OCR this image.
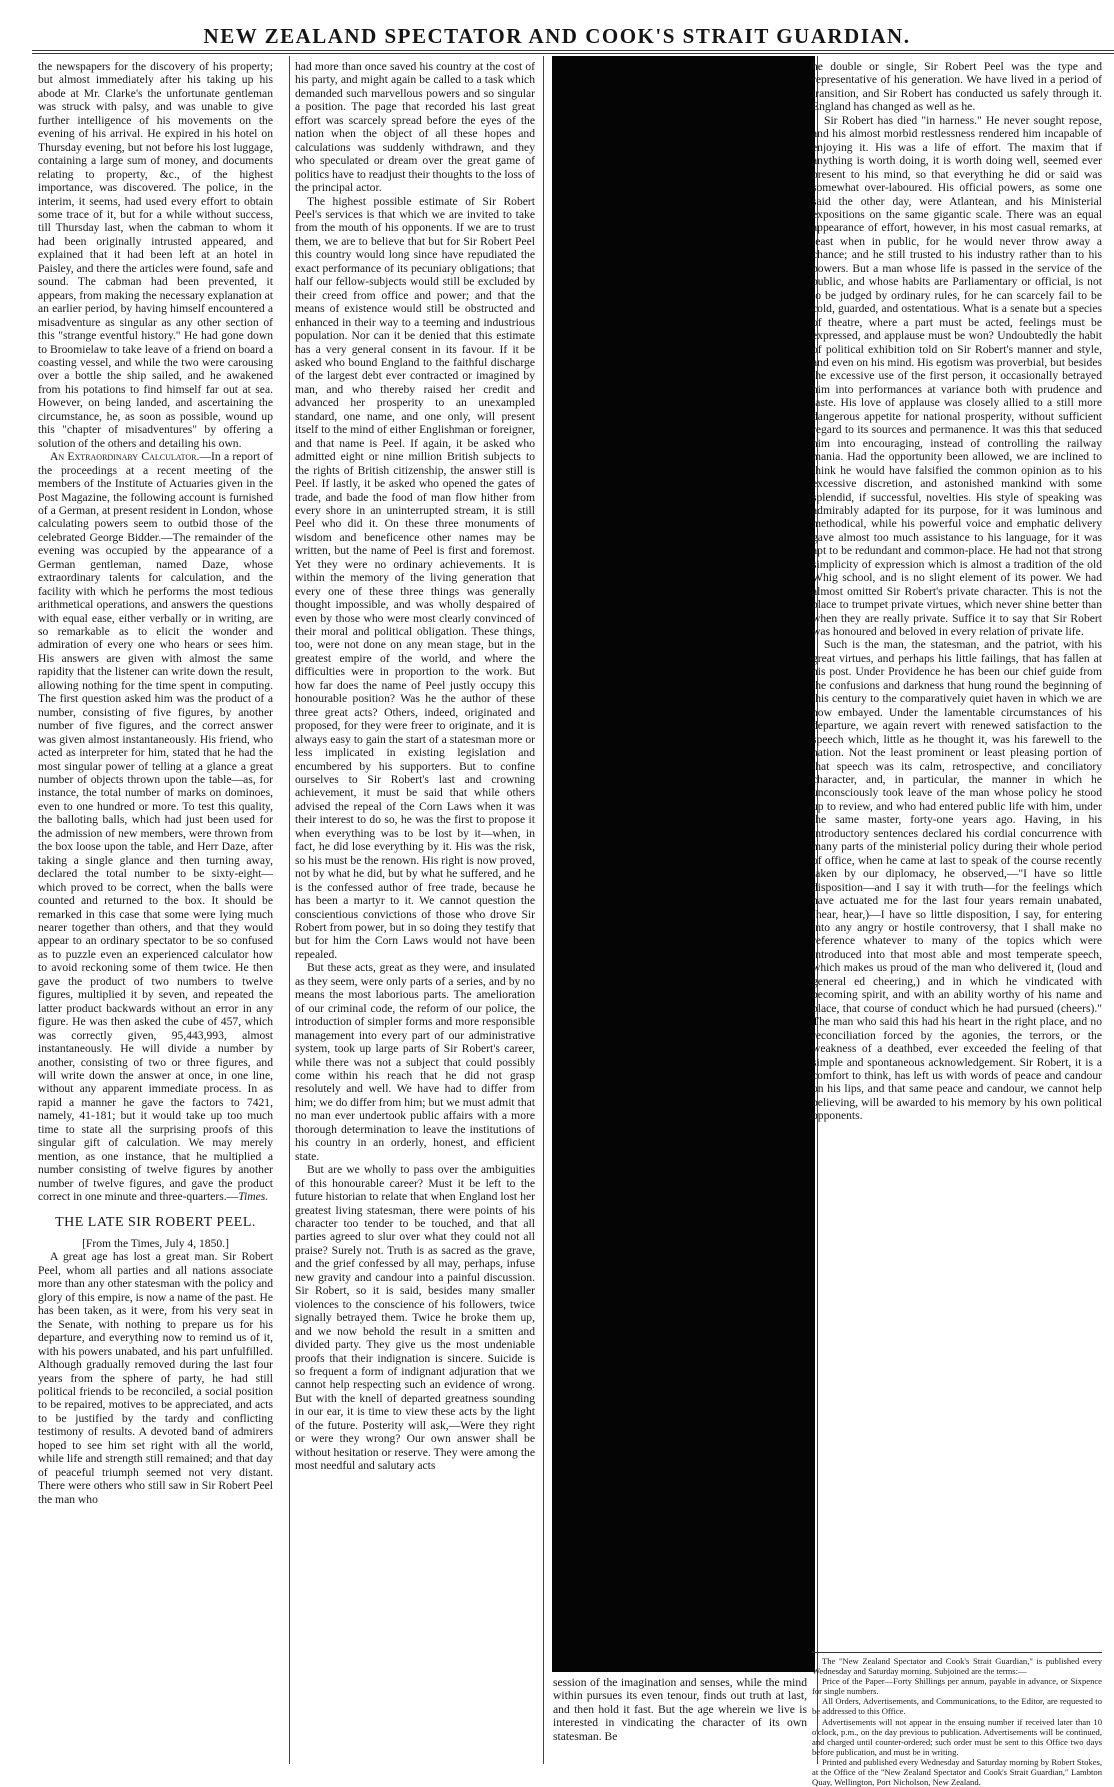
NEW ZEALAND SPECTATOR AND COOK'S STRAIT GUARDIAN.

the newspapers for the discovery of his property; but almost immediately after his taking up his abode at Mr. Clarke's the unfortunate gentleman was struck with palsy, and was unable to give further intelligence of his movements on the evening of his arrival. He expired in his hotel on Thursday evening, but not before his lost luggage, containing a large sum of money, and documents relating to property, &c., of the highest importance, was discovered. The police, in the interim, it seems, had used every effort to obtain some trace of it, but for a while without success, till Thursday last, when the cabman to whom it had been originally intrusted appeared, and explained that it had been left at an hotel in Paisley, and there the articles were found, safe and sound. The cabman had been prevented, it appears, from making the necessary explanation at an earlier period, by having himself encountered a misadventure as singular as any other section of this "strange eventful history." He had gone down to Broomielaw to take leave of a friend on board a coasting vessel, and while the two were carousing over a bottle the ship sailed, and he awakened from his potations to find himself far out at sea. However, on being landed, and ascertaining the circumstance, he, as soon as possible, wound up this "chapter of misadventures" by offering a solution of the others and detailing his own.

An Extraordinary Calculator.—In a report of the proceedings at a recent meeting of the members of the Institute of Actuaries given in the Post Magazine, the following account is furnished of a German, at present resident in London, whose calculating powers seem to outbid those of the celebrated George Bidder.—The remainder of the evening was occupied by the appearance of a German gentleman, named Daze, whose extraordinary talents for calculation, and the facility with which he performs the most tedious arithmetical operations, and answers the questions with equal ease, either verbally or in writing, are so remarkable as to elicit the wonder and admiration of every one who hears or sees him. His answers are given with almost the same rapidity that the listener can write down the result, allowing nothing for the time spent in computing. The first question asked him was the product of a number, consisting of five figures, by another number of five figures, and the correct answer was given almost instantaneously. His friend, who acted as interpreter for him, stated that he had the most singular power of telling at a glance a great number of objects thrown upon the table—as, for instance, the total number of marks on dominoes, even to one hundred or more. To test this quality, the balloting balls, which had just been used for the admission of new members, were thrown from the box loose upon the table, and Herr Daze, after taking a single glance and then turning away, declared the total number to be sixty-eight—which proved to be correct, when the balls were counted and returned to the box. It should be remarked in this case that some were lying much nearer together than others, and that they would appear to an ordinary spectator to be so confused as to puzzle even an experienced calculator how to avoid reckoning some of them twice. He then gave the product of two numbers to twelve figures, multiplied it by seven, and repeated the latter product backwards without an error in any figure. He was then asked the cube of 457, which was correctly given, 95,443,993, almost instantaneously. He will divide a number by another, consisting of two or three figures, and will write down the answer at once, in one line, without any apparent immediate process. In as rapid a manner he gave the factors to 7421, namely, 41-181; but it would take up too much time to state all the surprising proofs of this singular gift of calculation. We may merely mention, as one instance, that he multiplied a number consisting of twelve figures by another number of twelve figures, and gave the product correct in one minute and three-quarters.—Times.

THE LATE SIR ROBERT PEEL.

[From the Times, July 4, 1850.]

A great age has lost a great man. Sir Robert Peel, whom all parties and all nations associate more than any other statesman with the policy and glory of this empire, is now a name of the past. He has been taken, as it were, from his very seat in the Senate, with nothing to prepare us for his departure, and everything now to remind us of it, with his powers unabated, and his part unfulfilled. Although gradually removed during the last four years from the sphere of party, he had still political friends to be reconciled, a social position to be repaired, motives to be appreciated, and acts to be justified by the tardy and conflicting testimony of results. A devoted band of admirers hoped to see him set right with all the world, while life and strength still remained; and that day of peaceful triumph seemed not very distant. There were others who still saw in Sir Robert Peel the man who

had more than once saved his country at the cost of his party, and might again be called to a task which demanded such marvellous powers and so singular a position. The page that recorded his last great effort was scarcely spread before the eyes of the nation when the object of all these hopes and calculations was suddenly withdrawn, and they who speculated or dream over the great game of politics have to readjust their thoughts to the loss of the principal actor.

The highest possible estimate of Sir Robert Peel's services is that which we are invited to take from the mouth of his opponents. If we are to trust them, we are to believe that but for Sir Robert Peel this country would long since have repudiated the exact performance of its pecuniary obligations; that half our fellow-subjects would still be excluded by their creed from office and power; and that the means of existence would still be obstructed and enhanced in their way to a teeming and industrious population. Nor can it be denied that this estimate has a very general consent in its favour. If it be asked who bound England to the faithful discharge of the largest debt ever contracted or imagined by man, and who thereby raised her credit and advanced her prosperity to an unexampled standard, one name, and one only, will present itself to the mind of either Englishman or foreigner, and that name is Peel. If again, it be asked who admitted eight or nine million British subjects to the rights of British citizenship, the answer still is Peel. If lastly, it be asked who opened the gates of trade, and bade the food of man flow hither from every shore in an uninterrupted stream, it is still Peel who did it. On these three monuments of wisdom and beneficence other names may be written, but the name of Peel is first and foremost. Yet they were no ordinary achievements. It is within the memory of the living generation that every one of these three things was generally thought impossible, and was wholly despaired of even by those who were most clearly convinced of their moral and political obligation. These things, too, were not done on any mean stage, but in the greatest empire of the world, and where the difficulties were in proportion to the work. But how far does the name of Peel justly occupy this honourable position? Was he the author of these three great acts? Others, indeed, originated and proposed, for they were freer to originate, and it is always easy to gain the start of a statesman more or less implicated in existing legislation and encumbered by his supporters. But to confine ourselves to Sir Robert's last and crowning achievement, it must be said that while others advised the repeal of the Corn Laws when it was their interest to do so, he was the first to propose it when everything was to be lost by it—when, in fact, he did lose everything by it. His was the risk, so his must be the renown. His right is now proved, not by what he did, but by what he suffered, and he is the confessed author of free trade, because he has been a martyr to it. We cannot question the conscientious convictions of those who drove Sir Robert from power, but in so doing they testify that but for him the Corn Laws would not have been repealed.

But these acts, great as they were, and insulated as they seem, were only parts of a series, and by no means the most laborious parts. The amelioration of our criminal code, the reform of our police, the introduction of simpler forms and more responsible management into every part of our administrative system, took up large parts of Sir Robert's career, while there was not a subject that could possibly come within his reach that he did not grasp resolutely and well. We have had to differ from him; we do differ from him; but we must admit that no man ever undertook public affairs with a more thorough determination to leave the institutions of his country in an orderly, honest, and efficient state.

But are we wholly to pass over the ambiguities of this honourable career? Must it be left to the future historian to relate that when England lost her greatest living statesman, there were points of his character too tender to be touched, and that all parties agreed to slur over what they could not all praise? Surely not. Truth is as sacred as the grave, and the grief confessed by all may, perhaps, infuse new gravity and candour into a painful discussion. Sir Robert, so it is said, besides many smaller violences to the conscience of his followers, twice signally betrayed them. Twice he broke them up, and we now behold the result in a smitten and divided party. They give us the most undeniable proofs that their indignation is sincere. Suicide is so frequent a form of indignant adjuration that we cannot help respecting such an evidence of wrong. But with the knell of departed greatness sounding in our ear, it is time to view these acts by the light of the future. Posterity will ask,—Were they right or were they wrong? Our own answer shall be without hesitation or reserve. They were among the most needful and salutary acts

session of the imagination and senses, while the mind within pursues its even tenour, finds out truth at last, and then hold it fast. But the age wherein we live is interested in vindicating the character of its own statesman. Be

he double or single, Sir Robert Peel was the type and representative of his generation. We have lived in a period of transition, and Sir Robert has conducted us safely through it. England has changed as well as he.

Sir Robert has died "in harness." He never sought repose, and his almost morbid restlessness rendered him incapable of enjoying it. His was a life of effort. The maxim that if anything is worth doing, it is worth doing well, seemed ever present to his mind, so that everything he did or said was somewhat over-laboured. His official powers, as some one said the other day, were Atlantean, and his Ministerial expositions on the same gigantic scale. There was an equal appearance of effort, however, in his most casual remarks, at least when in public, for he would never throw away a chance; and he still trusted to his industry rather than to his powers. But a man whose life is passed in the service of the public, and whose habits are Parliamentary or official, is not to be judged by ordinary rules, for he can scarcely fail to be cold, guarded, and ostentatious. What is a senate but a species of theatre, where a part must be acted, feelings must be expressed, and applause must be won? Undoubtedly the habit of political exhibition told on Sir Robert's manner and style, and even on his mind. His egotism was proverbial, but besides the excessive use of the first person, it occasionally betrayed him into performances at variance both with prudence and taste. His love of applause was closely allied to a still more dangerous appetite for national prosperity, without sufficient regard to its sources and permanence. It was this that seduced him into encouraging, instead of controlling the railway mania. Had the opportunity been allowed, we are inclined to think he would have falsified the common opinion as to his excessive discretion, and astonished mankind with some splendid, if successful, novelties. His style of speaking was admirably adapted for its purpose, for it was luminous and methodical, while his powerful voice and emphatic delivery gave almost too much assistance to his language, for it was apt to be redundant and common-place. He had not that strong simplicity of expression which is almost a tradition of the old Whig school, and is no slight element of its power. We had almost omitted Sir Robert's private character. This is not the place to trumpet private virtues, which never shine better than when they are really private. Suffice it to say that Sir Robert was honoured and beloved in every relation of private life.

Such is the man, the statesman, and the patriot, with his great virtues, and perhaps his little failings, that has fallen at his post. Under Providence he has been our chief guide from the confusions and darkness that hung round the beginning of this century to the comparatively quiet haven in which we are now embayed. Under the lamentable circumstances of his departure, we again revert with renewed satisfaction to the speech which, little as he thought it, was his farewell to the nation. Not the least prominent or least pleasing portion of that speech was its calm, retrospective, and conciliatory character, and, in particular, the manner in which he unconsciously took leave of the man whose policy he stood up to review, and who had entered public life with him, under the same master, forty-one years ago. Having, in his introductory sentences declared his cordial concurrence with many parts of the ministerial policy during their whole period of office, when he came at last to speak of the course recently taken by our diplomacy, he observed,—"I have so little disposition—and I say it with truth—for the feelings which have actuated me for the last four years remain unabated, (hear, hear,)—I have so little disposition, I say, for entering into any angry or hostile controversy, that I shall make no reference whatever to many of the topics which were introduced into that most able and most temperate speech, which makes us proud of the man who delivered it, (loud and general ed cheering,) and in which he vindicated with becoming spirit, and with an ability worthy of his name and place, that course of conduct which he had pursued (cheers)." The man who said this had his heart in the right place, and no reconciliation forced by the agonies, the terrors, or the weakness of a deathbed, ever exceeded the feeling of that simple and spontaneous acknowledgement. Sir Robert, it is a comfort to think, has left us with words of peace and candour on his lips, and that same peace and candour, we cannot help believing, will be awarded to his memory by his own political opponents.

The "New Zealand Spectator and Cook's Strait Guardian," is published every Wednesday and Saturday morning. Subjoined are the terms:—

Price of the Paper—Forty Shillings per annum, payable in advance, or Sixpence for single numbers.

All Orders, Advertisements, and Communications, to the Editor, are requested to be addressed to this Office.

Advertisements will not appear in the ensuing number if received later than 10 o'clock, p.m., on the day previous to publication. Advertisements will be continued, and charged until counter-ordered; such order must be sent to this Office two days before publication, and must be in writing.

Printed and published every Wednesday and Saturday morning by Robert Stokes, at the Office of the "New Zealand Spectator and Cook's Strait Guardian," Lambton Quay, Wellington, Port Nicholson, New Zealand.
